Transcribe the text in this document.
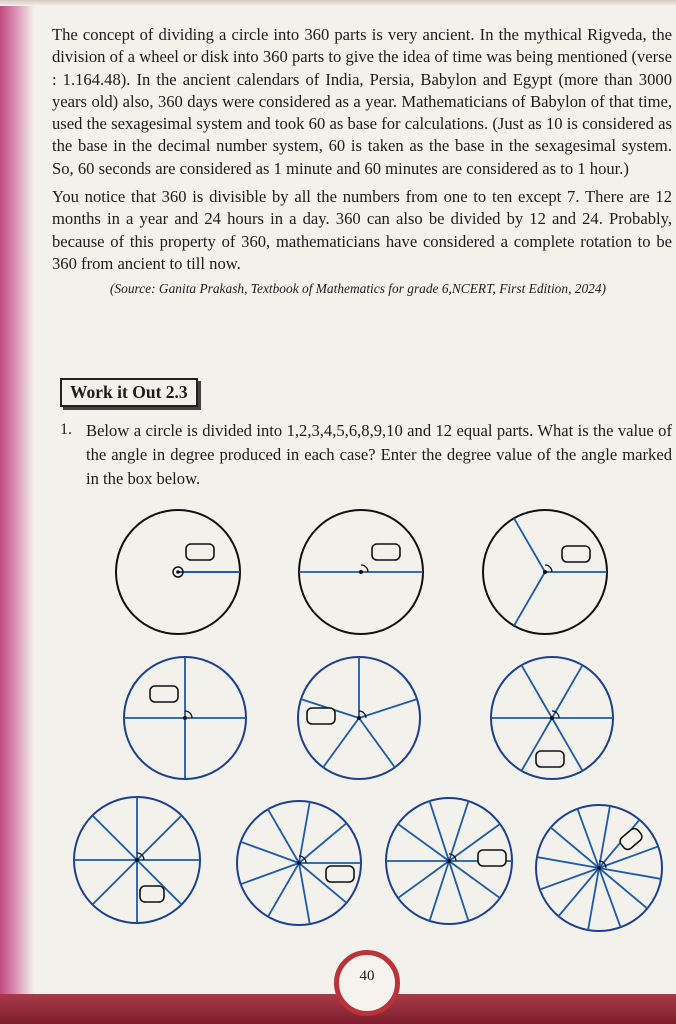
The concept of dividing a circle into 360 parts is very ancient. In the mythical Rigveda, the division of a wheel or disk into 360 parts to give the idea of time was being mentioned (verse : 1.164.48). In the ancient calendars of India, Persia, Babylon and Egypt (more than 3000 years old) also, 360 days were considered as a year. Mathematicians of Babylon of that time, used the sexagesimal system and took 60 as base for calculations. (Just as 10 is considered as the base in the decimal number system, 60 is taken as the base in the sexagesimal system. So, 60 seconds are considered as 1 minute and 60 minutes are considered as to 1 hour.)

You notice that 360 is divisible by all the numbers from one to ten except 7. There are 12 months in a year and 24 hours in a day. 360 can also be divided by 12 and 24. Probably, because of this property of 360, mathematicians have considered a complete rotation to be 360 from ancient to till now.

(Source: Ganita Prakash, Textbook of Mathematics for grade 6,NCERT, First Edition, 2024)

Work it Out 2.3
1. Below a circle is divided into 1,2,3,4,5,6,8,9,10 and 12 equal parts. What is the value of the angle in degree produced in each case? Enter the degree value of the angle marked in the box below.
40
